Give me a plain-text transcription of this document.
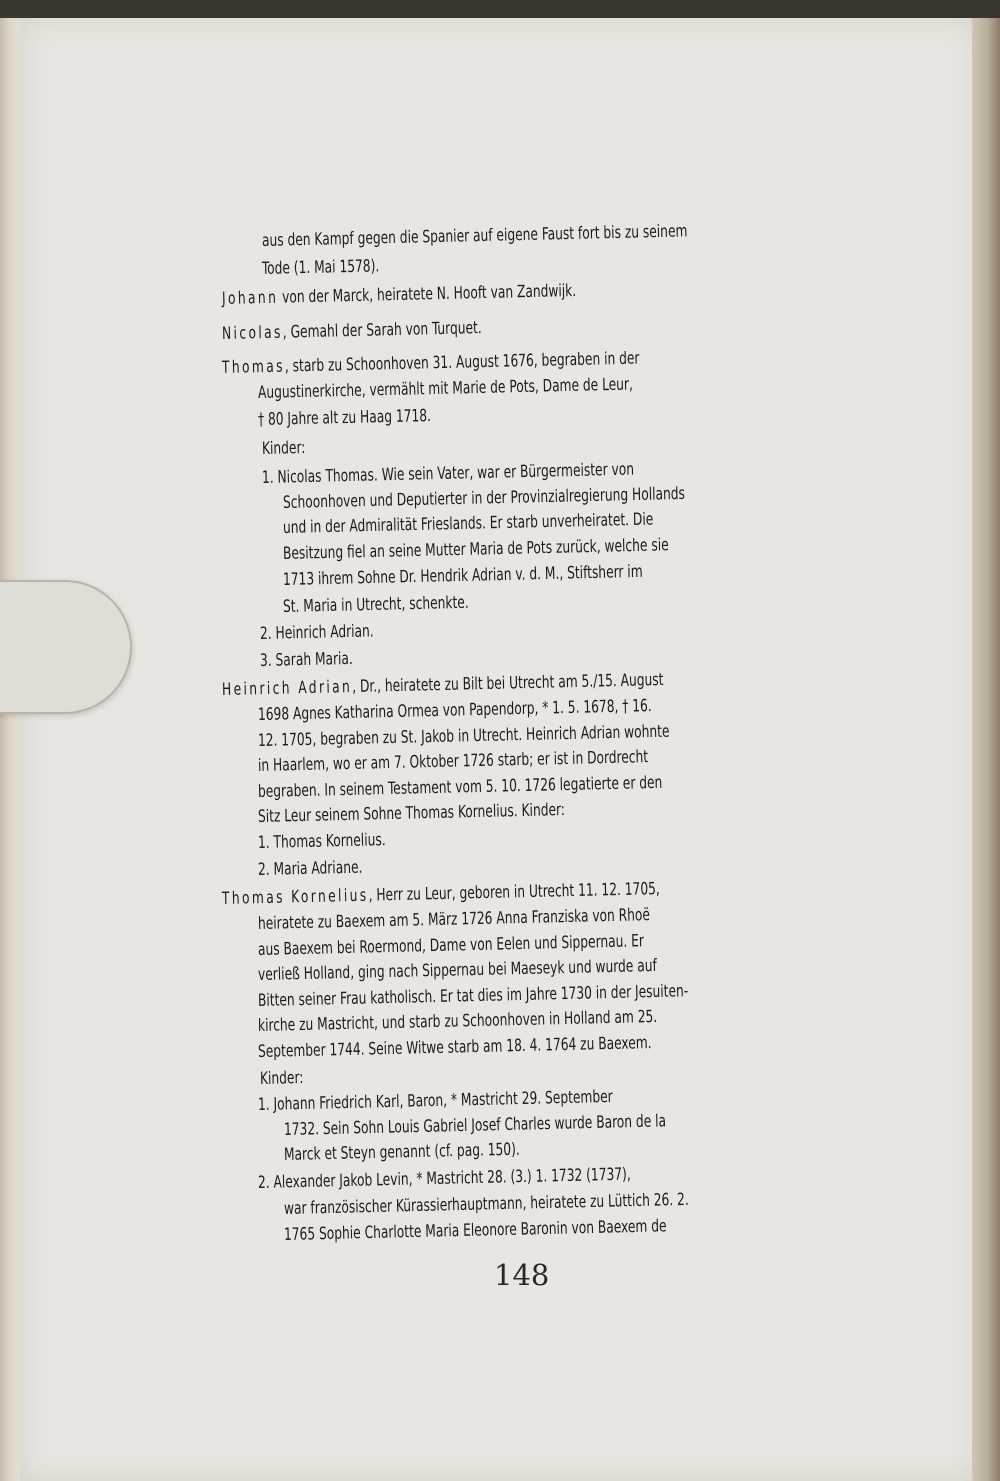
aus den Kampf gegen die Spanier auf eigene Faust fort bis zu seinem
Tode (1. Mai 1578).
Johann von der Marck, heiratete N. Hooft van Zandwijk.
Nicolas, Gemahl der Sarah von Turquet.
Thomas, starb zu Schoonhoven 31. August 1676, begraben in der
Augustinerkirche, vermählt mit Marie de Pots, Dame de Leur,
† 80 Jahre alt zu Haag 1718.
Kinder:
1. Nicolas Thomas. Wie sein Vater, war er Bürgermeister von
Schoonhoven und Deputierter in der Provinzialregierung Hollands
und in der Admiralität Frieslands. Er starb unverheiratet. Die
Besitzung fiel an seine Mutter Maria de Pots zurück, welche sie
1713 ihrem Sohne Dr. Hendrik Adrian v. d. M., Stiftsherr im
St. Maria in Utrecht, schenkte.
2. Heinrich Adrian.
3. Sarah Maria.
Heinrich Adrian, Dr., heiratete zu Bilt bei Utrecht am 5./15. August
1698 Agnes Katharina Ormea von Papendorp, * 1. 5. 1678, † 16.
12. 1705, begraben zu St. Jakob in Utrecht. Heinrich Adrian wohnte
in Haarlem, wo er am 7. Oktober 1726 starb; er ist in Dordrecht
begraben. In seinem Testament vom 5. 10. 1726 legatierte er den
Sitz Leur seinem Sohne Thomas Kornelius. Kinder:
1. Thomas Kornelius.
2. Maria Adriane.
Thomas Kornelius, Herr zu Leur, geboren in Utrecht 11. 12. 1705,
heiratete zu Baexem am 5. März 1726 Anna Franziska von Rhoë
aus Baexem bei Roermond, Dame von Eelen und Sippernau. Er
verließ Holland, ging nach Sippernau bei Maeseyk und wurde auf
Bitten seiner Frau katholisch. Er tat dies im Jahre 1730 in der Jesuiten-
kirche zu Mastricht, und starb zu Schoonhoven in Holland am 25.
September 1744. Seine Witwe starb am 18. 4. 1764 zu Baexem.
Kinder:
1. Johann Friedrich Karl, Baron, * Mastricht 29. September
1732. Sein Sohn Louis Gabriel Josef Charles wurde Baron de la
Marck et Steyn genannt (cf. pag. 150).
2. Alexander Jakob Levin, * Mastricht 28. (3.) 1. 1732 (1737),
war französischer Kürassierhauptmann, heiratete zu Lüttich 26. 2.
1765 Sophie Charlotte Maria Eleonore Baronin von Baexem de
148
